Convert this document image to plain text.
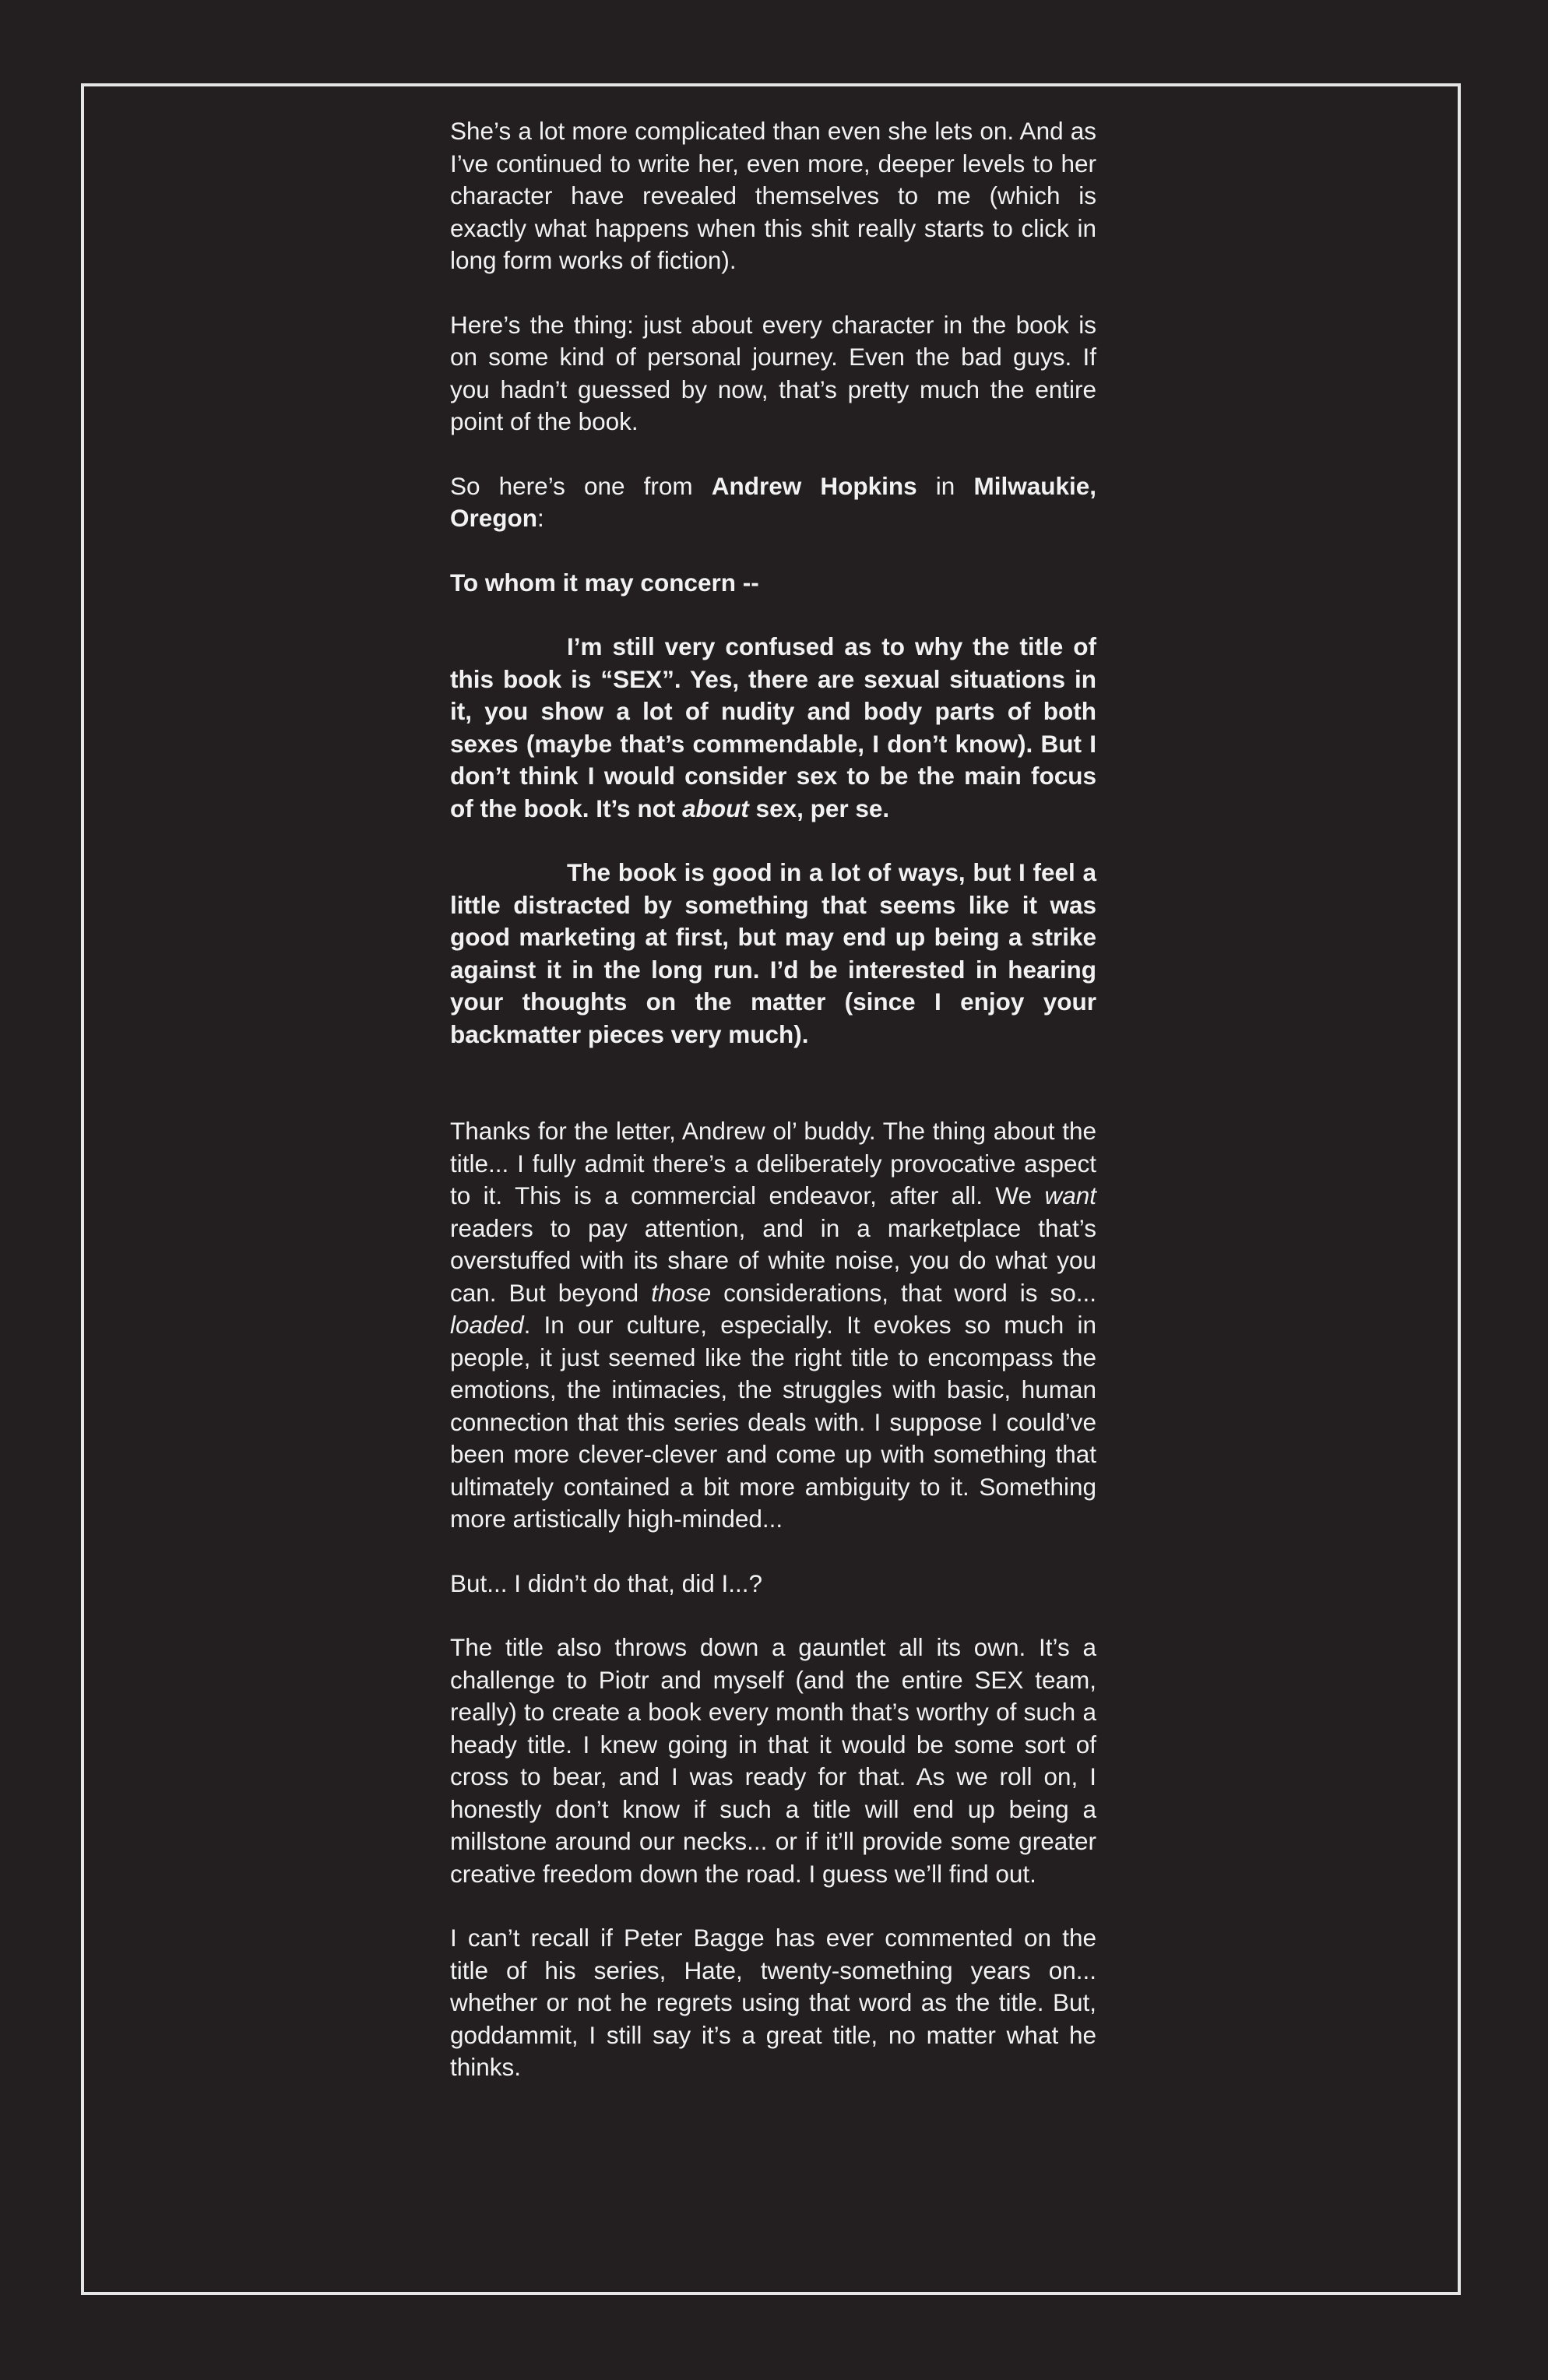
She’s a lot more complicated than even she lets on. And as I’ve continued to write her, even more, deeper levels to her character have revealed themselves to me (which is exactly what happens when this shit really starts to click in long form works of fiction).

Here’s the thing: just about every character in the book is on some kind of personal journey. Even the bad guys. If you hadn’t guessed by now, that’s pretty much the entire point of the book.

So here’s one from Andrew Hopkins in Milwaukie, Oregon:

To whom it may concern --

I’m still very confused as to why the title of this book is “SEX”. Yes, there are sexual situations in it, you show a lot of nudity and body parts of both sexes (maybe that’s commendable, I don’t know). But I don’t think I would consider sex to be the main focus of the book. It’s not about sex, per se.

The book is good in a lot of ways, but I feel a little distracted by something that seems like it was good marketing at first, but may end up being a strike against it in the long run. I’d be interested in hearing your thoughts on the matter (since I enjoy your backmatter pieces very much).

Thanks for the letter, Andrew ol’ buddy. The thing about the title... I fully admit there’s a deliberately provocative aspect to it. This is a commercial endeavor, after all. We want readers to pay attention, and in a marketplace that’s overstuffed with its share of white noise, you do what you can. But beyond those considerations, that word is so... loaded. In our culture, especially. It evokes so much in people, it just seemed like the right title to encompass the emotions, the intimacies, the struggles with basic, human connection that this series deals with. I suppose I could’ve been more clever-clever and come up with something that ultimately contained a bit more ambiguity to it. Something more artistically high-minded...

But... I didn’t do that, did I...?

The title also throws down a gauntlet all its own. It’s a challenge to Piotr and myself (and the entire SEX team, really) to create a book every month that’s worthy of such a heady title. I knew going in that it would be some sort of cross to bear, and I was ready for that. As we roll on, I honestly don’t know if such a title will end up being a millstone around our necks... or if it’ll provide some greater creative freedom down the road. I guess we’ll find out.

I can’t recall if Peter Bagge has ever commented on the title of his series, Hate, twenty-something years on... whether or not he regrets using that word as the title. But, goddammit, I still say it’s a great title, no matter what he thinks.
